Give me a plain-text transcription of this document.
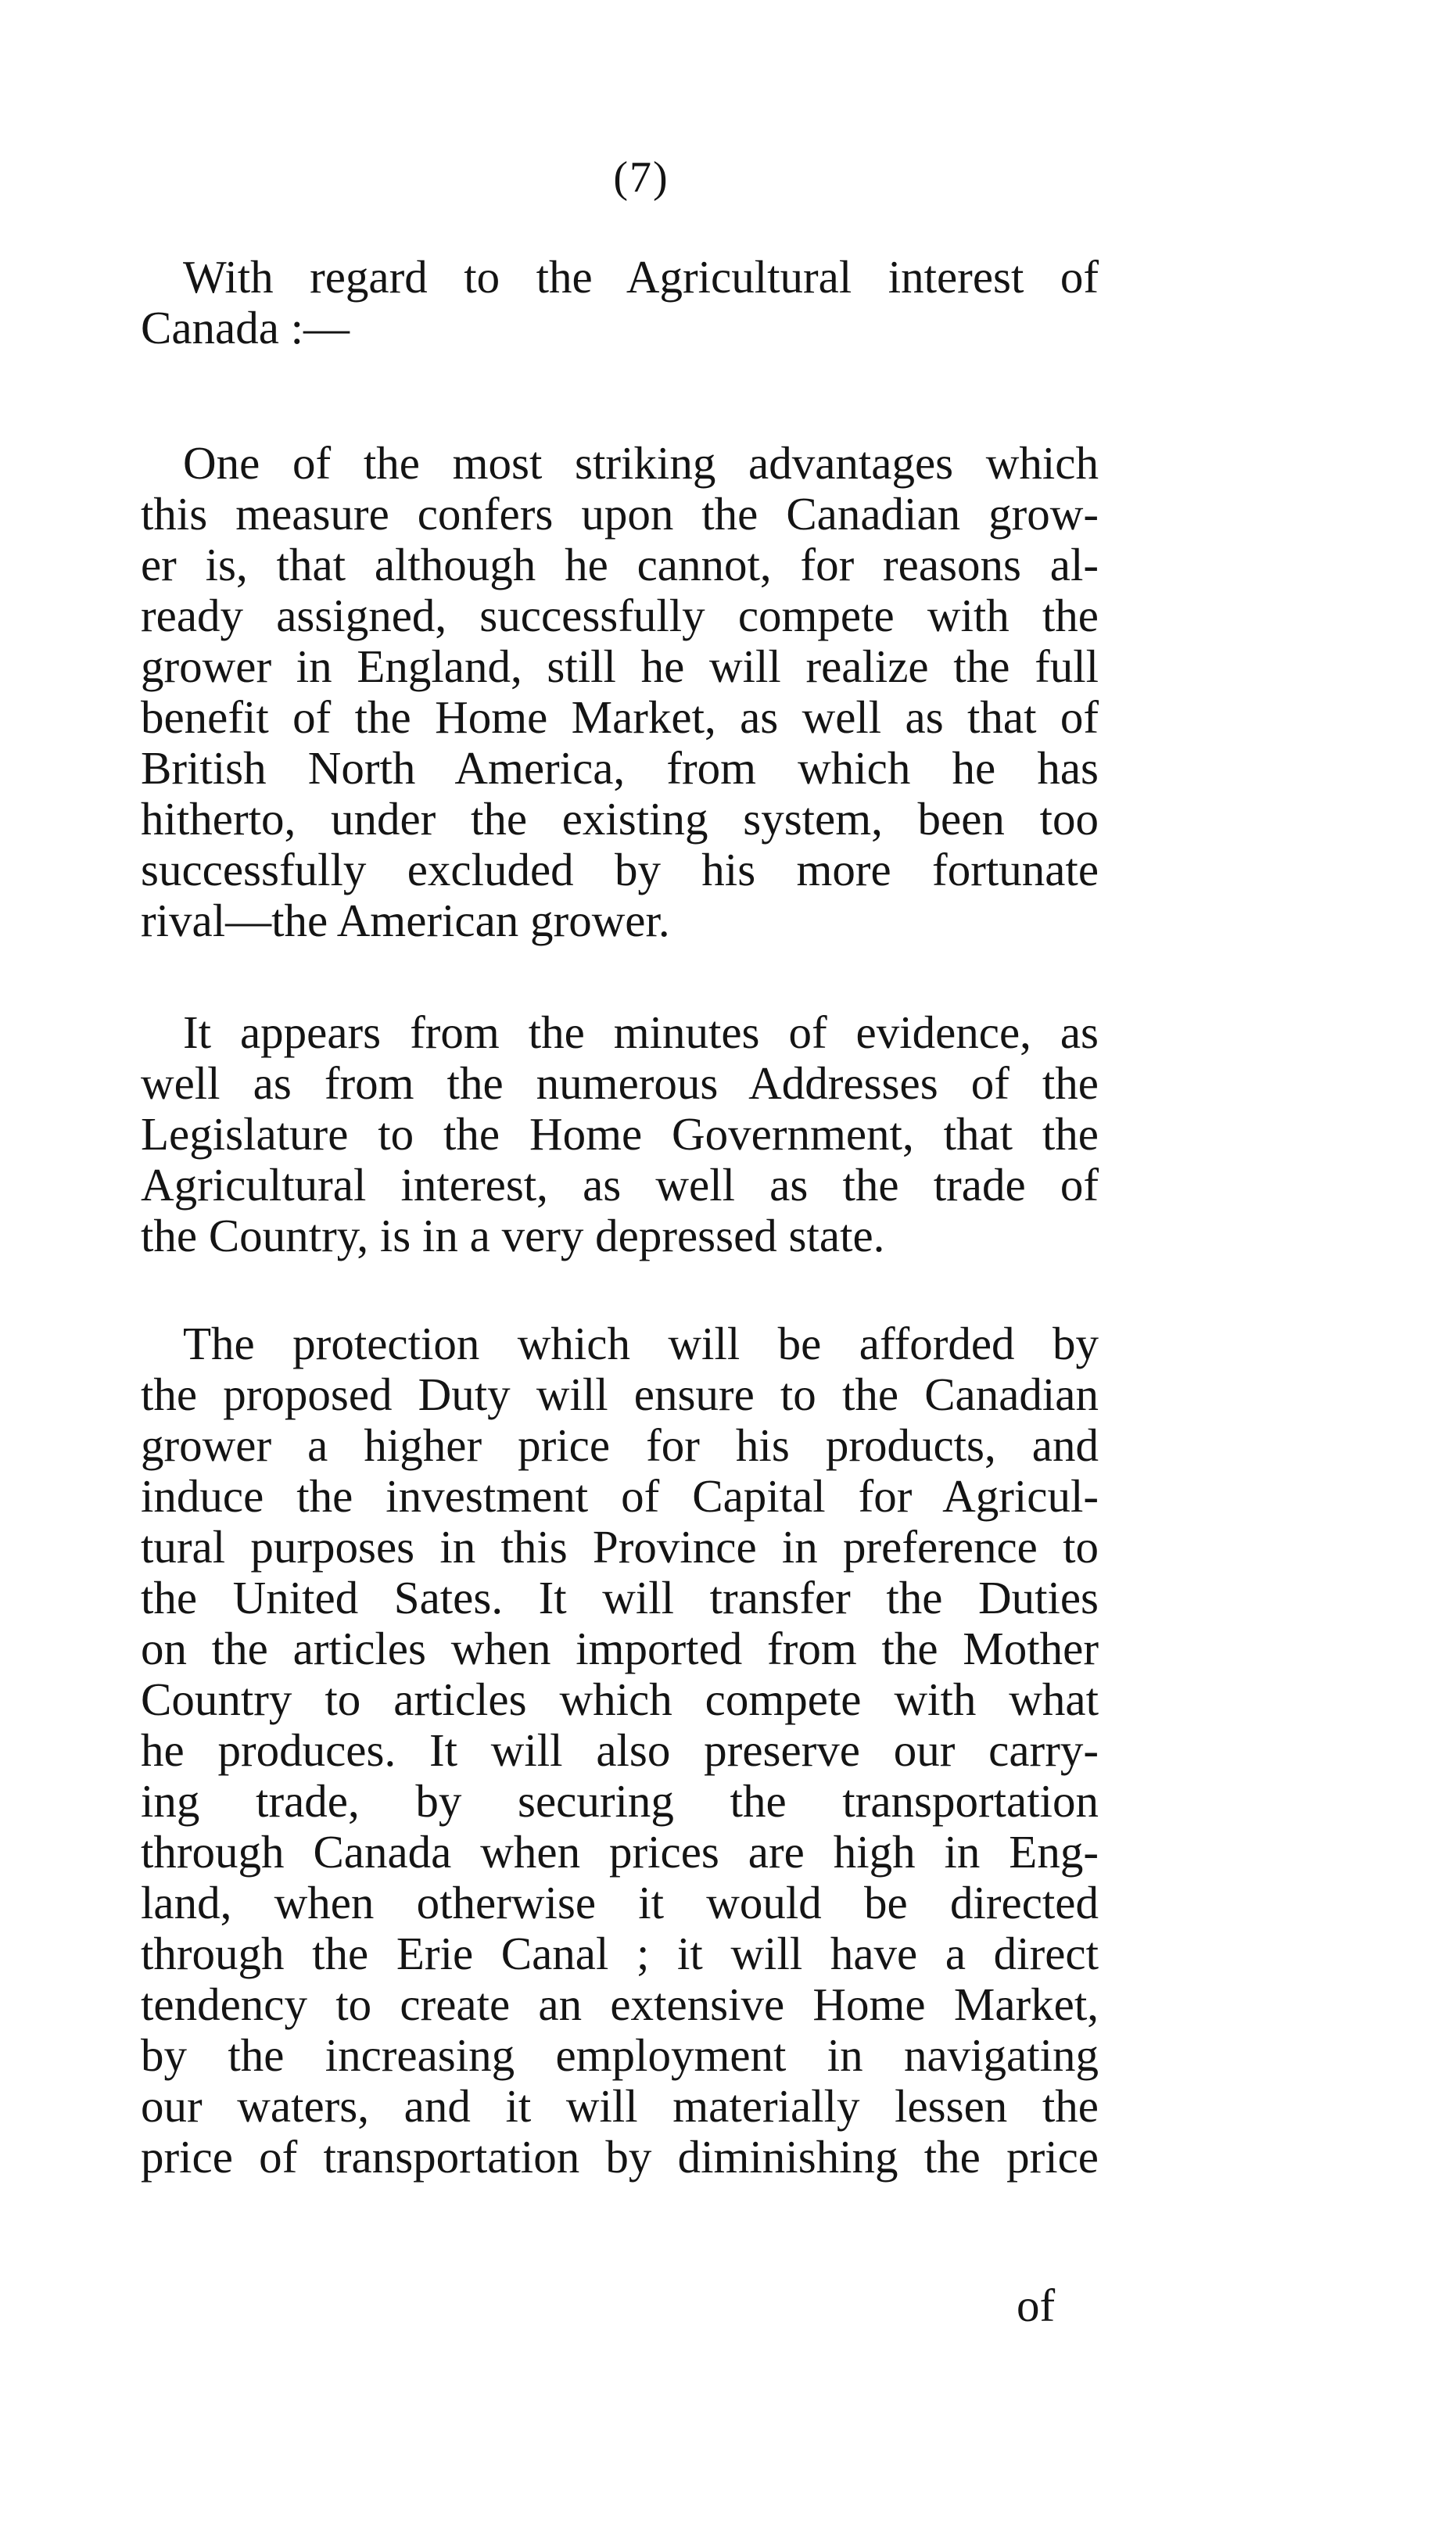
(7)
With regard to the Agricultural interest of
Canada :—
One of the most striking advantages which
this measure confers upon the Canadian grow-
er is, that although he cannot, for reasons al-
ready assigned, successfully compete with the
grower in England, still he will realize the full
benefit of the Home Market, as well as that of
British North America, from which he has
hitherto, under the existing system, been too
successfully excluded by his more fortunate
rival—the American grower.
It appears from the minutes of evidence, as
well as from the numerous Addresses of the
Legislature to the Home Government, that the
Agricultural interest, as well as the trade of
the Country, is in a very depressed state.
The protection which will be afforded by
the proposed Duty will ensure to the Canadian
grower a higher price for his products, and
induce the investment of Capital for Agricul-
tural purposes in this Province in preference to
the United Sates. It will transfer the Duties
on the articles when imported from the Mother
Country to articles which compete with what
he produces. It will also preserve our carry-
ing trade, by securing the transportation
through Canada when prices are high in Eng-
land, when otherwise it would be directed
through the Erie Canal ; it will have a direct
tendency to create an extensive Home Market,
by the increasing employment in navigating
our waters, and it will materially lessen the
price of transportation by diminishing the price
of
